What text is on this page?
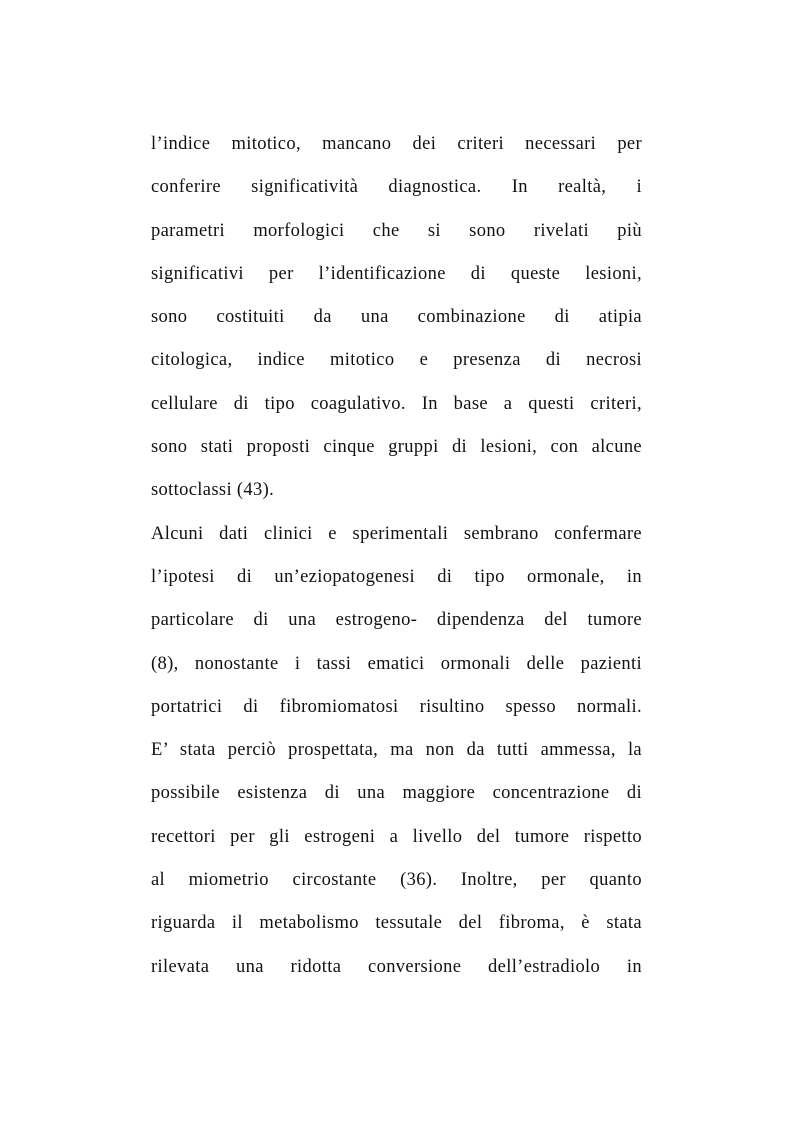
l’indice mitotico, mancano dei criteri necessari per
conferire significatività diagnostica. In realtà, i
parametri morfologici che si sono rivelati più
significativi per l’identificazione di queste lesioni,
sono costituiti da una combinazione di atipia
citologica, indice mitotico e presenza di necrosi
cellulare di tipo coagulativo. In base a questi criteri,
sono stati proposti cinque gruppi di lesioni, con alcune
sottoclassi (43).
Alcuni dati clinici e sperimentali sembrano confermare
l’ipotesi di un’eziopatogenesi di tipo ormonale, in
particolare di una estrogeno- dipendenza del tumore
(8), nonostante i tassi ematici ormonali delle pazienti
portatrici di fibromiomatosi risultino spesso normali.
E’ stata perciò prospettata, ma non da tutti ammessa, la
possibile esistenza di una maggiore concentrazione di
recettori per gli estrogeni a livello del tumore rispetto
al miometrio circostante (36). Inoltre, per quanto
riguarda il metabolismo tessutale del fibroma, è stata
rilevata una ridotta conversione dell’estradiolo in
